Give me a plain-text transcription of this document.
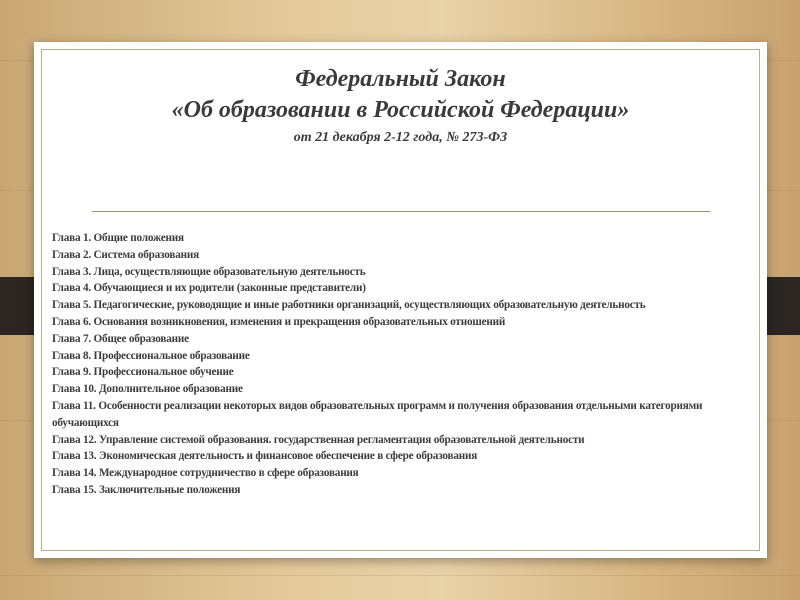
Федеральный Закон
«Об образовании в Российской Федерации»
от 21 декабря 2-12 года, № 273-ФЗ
Глава 1. Общие положения
Глава 2. Система образования
Глава 3. Лица, осуществляющие образовательную деятельность
Глава 4. Обучающиеся и их родители (законные представители)
Глава 5. Педагогические, руководящие и иные работники организаций, осуществляющих образовательную деятельность
Глава 6. Основания возникновения, изменения и прекращения образовательных отношений
Глава 7. Общее образование
Глава 8. Профессиональное образование
Глава 9. Профессиональное обучение
Глава 10. Дополнительное образование
Глава 11. Особенности реализации некоторых видов образовательных программ и получения образования отдельными категориями обучающихся
Глава 12. Управление системой образования. государственная регламентация образовательной деятельности
Глава 13. Экономическая деятельность и финансовое обеспечение в сфере образования
Глава 14. Международное сотрудничество в сфере образования
Глава 15. Заключительные положения
